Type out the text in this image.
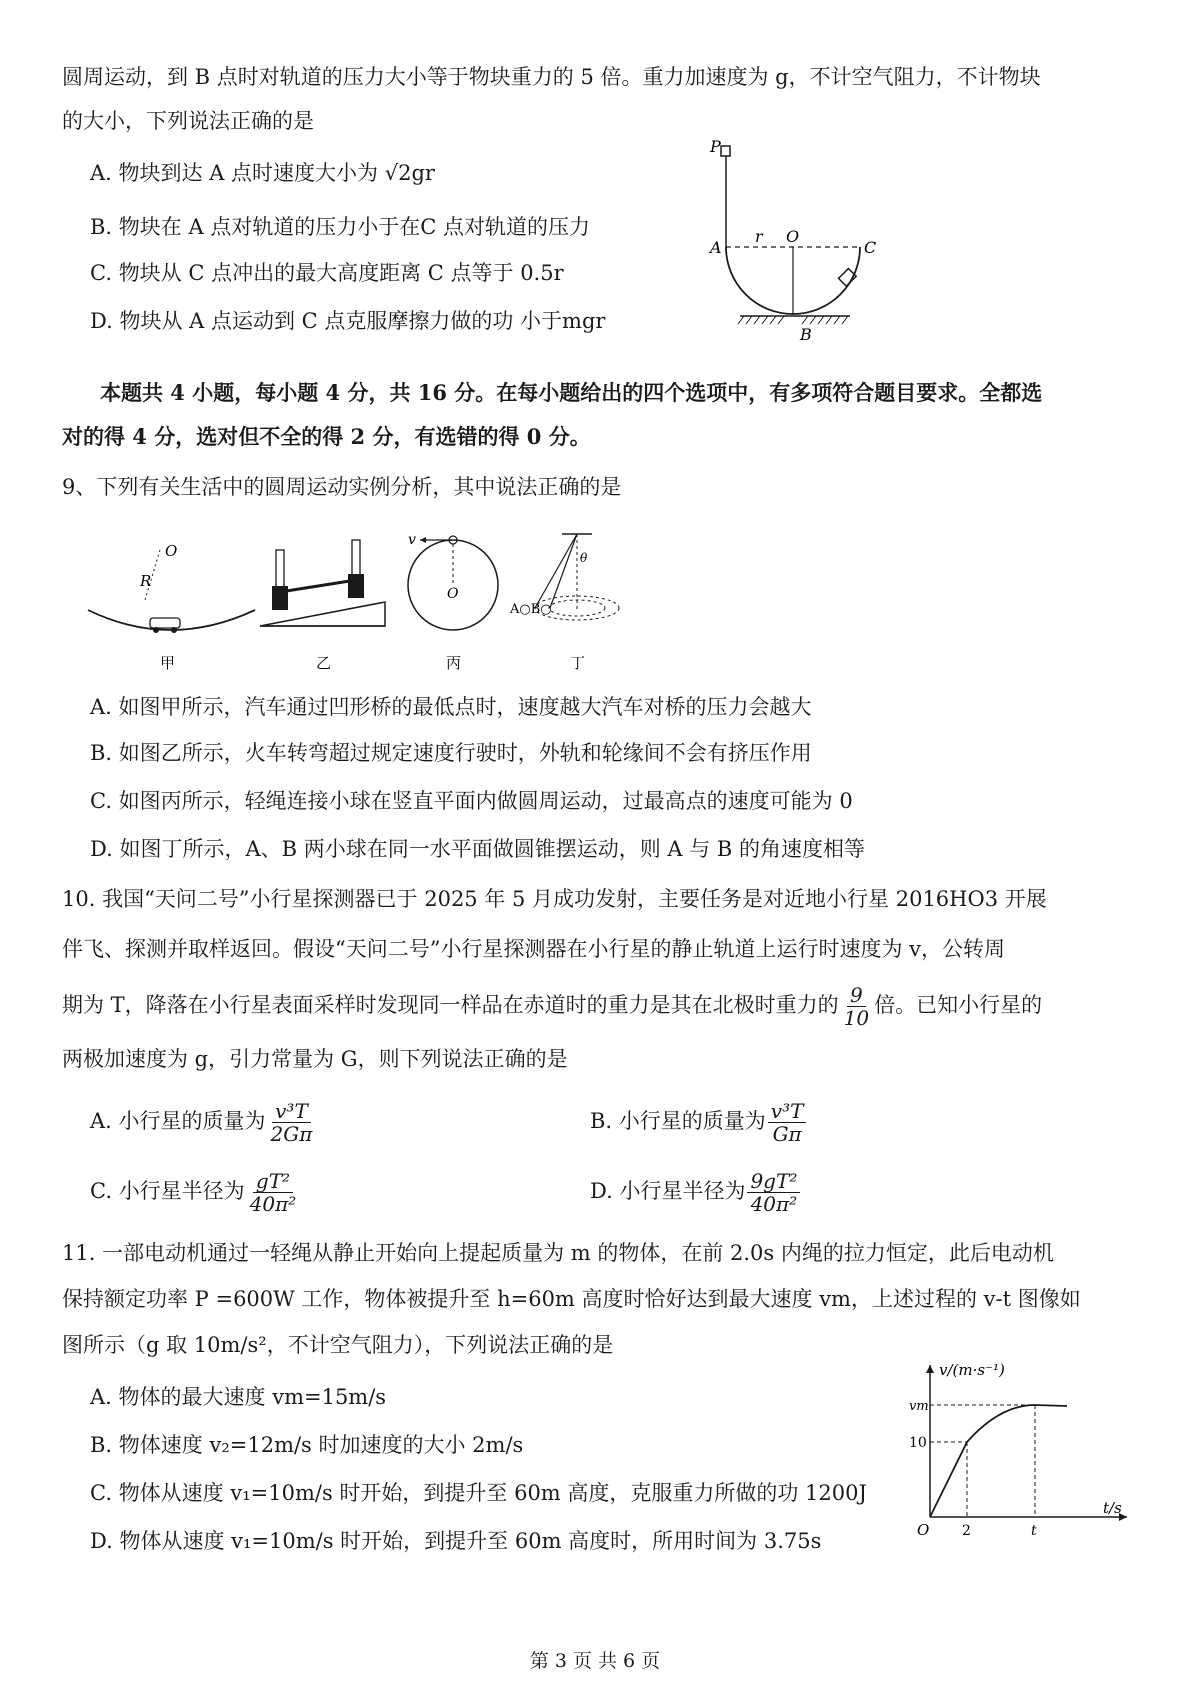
圆周运动，到 B 点时对轨道的压力大小等于物块重力的 5 倍。重力加速度为 g，不计空气阻力，不计物块
的大小，下列说法正确的是
A. 物块到达 A 点时速度大小为 √2gr
B. 物块在 A 点对轨道的压力小于在C 点对轨道的压力
C. 物块从 C 点冲出的最大高度距离 C 点等于 0.5r
D. 物块从 A 点运动到 C 点克服摩擦力做的功 小于mgr
P
A
r O
C
B
本题共 4 小题，每小题 4 分，共 16 分。在每小题给出的四个选项中，有多项符合题目要求。全都选
对的得 4 分，选对但不全的得 2 分，有选错的得 0 分。
9、下列有关生活中的圆周运动实例分析，其中说法正确的是
O
R
甲	乙
v
O
丙
θ
A○B○
丁
A. 如图甲所示，汽车通过凹形桥的最低点时，速度越大汽车对桥的压力会越大
B. 如图乙所示，火车转弯超过规定速度行驶时，外轨和轮缘间不会有挤压作用
C. 如图丙所示，轻绳连接小球在竖直平面内做圆周运动，过最高点的速度可能为 0
D. 如图丁所示，A、B 两小球在同一水平面做圆锥摆运动，则 A 与 B 的角速度相等
10. 我国“天问二号”小行星探测器已于 2025 年 5 月成功发射，主要任务是对近地小行星 2016HO3 开展
伴飞、探测并取样返回。假设“天问二号”小行星探测器在小行星的静止轨道上运行时速度为 v，公转周
期为 T，降落在小行星表面采样时发现同一样品在赤道时的重力是其在北极时重力的 $\frac{9}{10}$ 倍。已知小行星的
两极加速度为 g，引力常量为 G，则下列说法正确的是
A. 小行星的质量为 $\frac{\text{v³T}}{2G\pi}$	B. 小行星的质量为 $\frac{\text{v³T}}{G\pi}$
C. 小行星半径为 $\frac{\text{gT²}}{\text{40π²}}$	D. 小行星半径为 $\frac{\text{9gT²}}{\text{40π²}}$
11. 一部电动机通过一轻绳从静止开始向上提起质量为 m 的物体，在前 2.0s 内绳的拉力恒定，此后电动机
保持额定功率 P =600W 工作，物体被提升至 h=60m 高度时恰好达到最大速度 vm，上述过程的 v-t 图像如
图所示（g 取 10m/s²，不计空气阻力），下列说法正确的是
A. 物体的最大速度 vm=15m/s
B. 物体速度 v₂=12m/s 时加速度的大小 2m/s
C. 物体从速度 v₁=10m/s 时开始，到提升至 60m 高度，克服重力所做的功 1200J
D. 物体从速度 v₁=10m/s 时开始，到提升至 60m 高度时，所用时间为 3.75s
v/(m·s⁻¹)
t/s
O
vm
10
2	t
第 3 页 共 6 页
